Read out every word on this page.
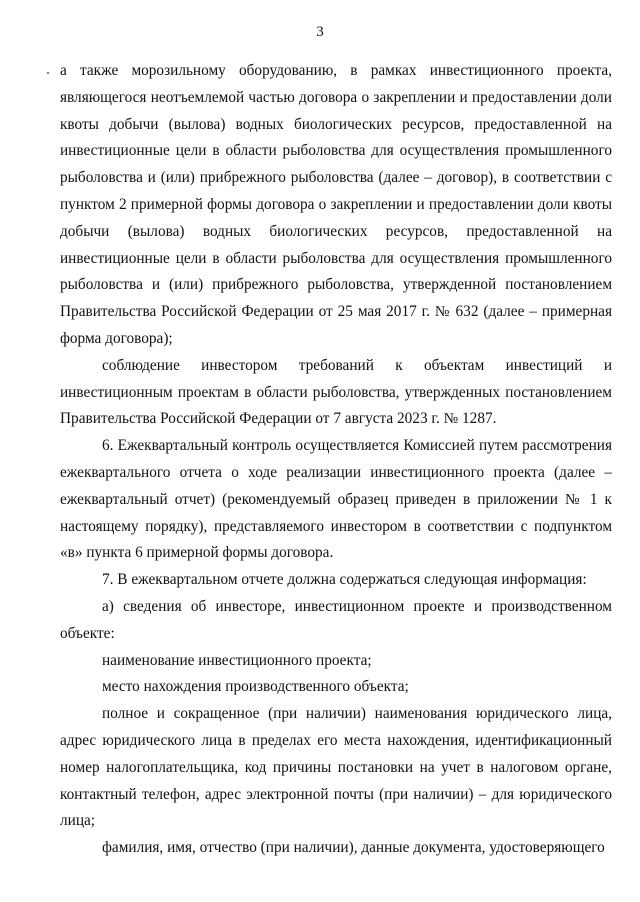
3

а также морозильному оборудованию, в рамках инвестиционного проекта, являющегося неотъемлемой частью договора о закреплении и предоставлении доли квоты добычи (вылова) водных биологических ресурсов, предоставленной на инвестиционные цели в области рыболовства для осуществления промышленного рыболовства и (или) прибрежного рыболовства (далее – договор), в соответствии с пунктом 2 примерной формы договора о закреплении и предоставлении доли квоты добычи (вылова) водных биологических ресурсов, предоставленной на инвестиционные цели в области рыболовства для осуществления промышленного рыболовства и (или) прибрежного рыболовства, утвержденной постановлением Правительства Российской Федерации от 25 мая 2017 г. № 632 (далее – примерная форма договора);

соблюдение инвестором требований к объектам инвестиций и инвестиционным проектам в области рыболовства, утвержденных постановлением Правительства Российской Федерации от 7 августа 2023 г. № 1287.

6. Ежеквартальный контроль осуществляется Комиссией путем рассмотрения ежеквартального отчета о ходе реализации инвестиционного проекта (далее – ежеквартальный отчет) (рекомендуемый образец приведен в приложении № 1 к настоящему порядку), представляемого инвестором в соответствии с подпунктом «в» пункта 6 примерной формы договора.

7. В ежеквартальном отчете должна содержаться следующая информация:

а) сведения об инвесторе, инвестиционном проекте и производственном объекте:

наименование инвестиционного проекта;

место нахождения производственного объекта;

полное и сокращенное (при наличии) наименования юридического лица, адрес юридического лица в пределах его места нахождения, идентификационный номер налогоплательщика, код причины постановки на учет в налоговом органе, контактный телефон, адрес электронной почты (при наличии) – для юридического лица;

фамилия, имя, отчество (при наличии), данные документа, удостоверяющего
